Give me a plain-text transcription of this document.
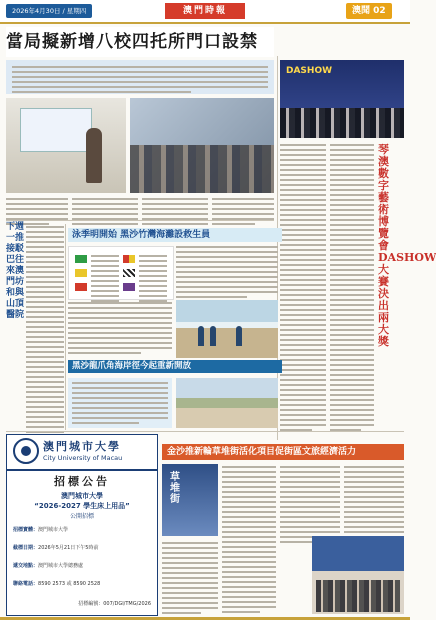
2026年4月30日 / 星期四	澳門時報	澳聞 02
當局擬新增八校四托所門口設禁
DASHOW
琴澳數字藝術博覽會DASHOW大賽決出兩大獎
下週一推接駁巴往來澳門坊和與山頂醫院
泳季明開始 黑沙竹灣海灘設救生員
黑沙龍爪角海岸徑今起重新開放
澳門城市大學
City University of Macau
招標公告
澳門城市大學
“2026-2027 學生床上用品”
公開招標
招標實體：澳門城市大學
截標日期：2026年5月21日下午5時前
遞交地點：澳門城市大學總務處
聯絡電話：8590 2573 或 8590 2528
招標編號：007/DGI/TMG/2026
金沙推新輪草堆街活化項目促街區文旅經濟活力
草堆街
